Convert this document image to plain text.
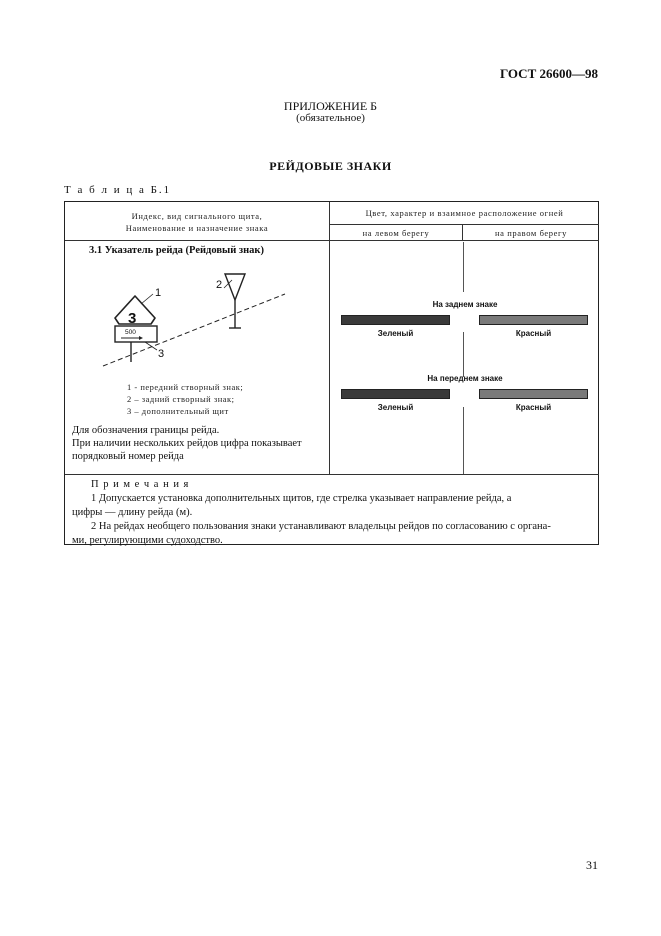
ГОСТ 26600—98
ПРИЛОЖЕНИЕ Б
(обязательное)
РЕЙДОВЫЕ ЗНАКИ
Т а б л и ц а Б.1
Индекс, вид сигнального щита,
Наименование и назначение знака
Цвет, характер и взаимное расположение огней
на левом берегу	на правом берегу
3.1 Указатель рейда (Рейдовый знак)
2
3
1
500
3
1 - передний створный знак;
2 – задний створный знак;
3 – дополнительный щит
Для обозначения границы рейда.
При наличии нескольких рейдов цифра показывает
порядковый номер рейда
На заднем знаке
Зеленый	Красный
На переднем знаке
Зеленый	Красный
П р и м е ч а н и я
1 Допускается установка дополнительных щитов, где стрелка указывает направление рейда, а
цифры — длину рейда (м).
2 На рейдах необщего пользования знаки устанавливают владельцы рейдов по согласованию с органа-
ми, регулирующими судоходство.
31
